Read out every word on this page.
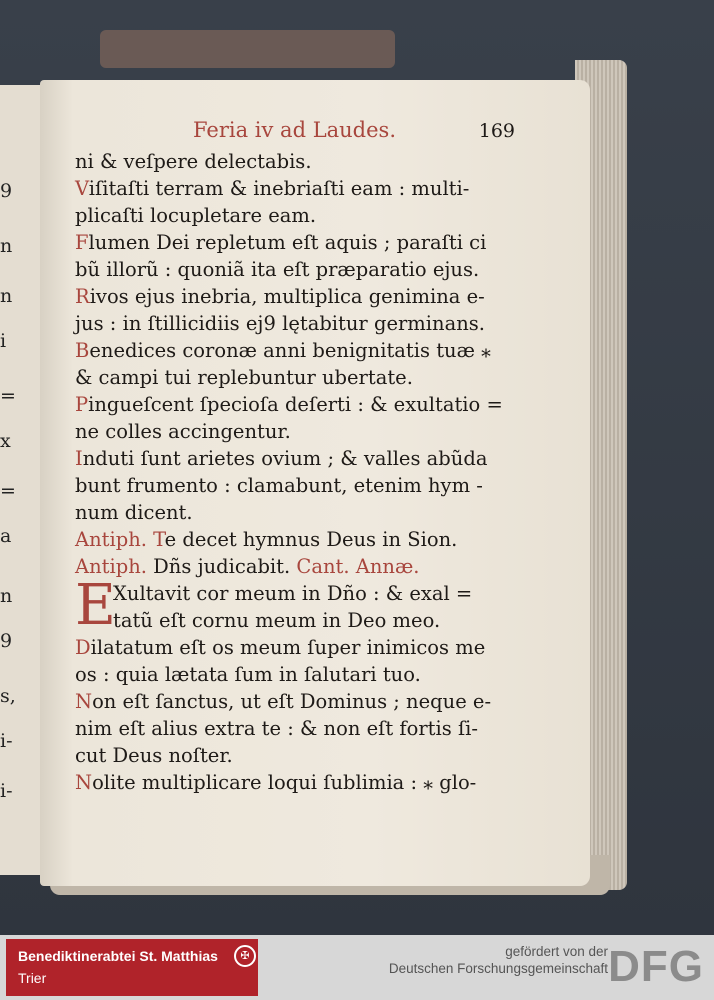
9
n
n
i
=
x
=
a
n
9
s,
i-
i-
Feria iv ad Laudes.	169
ni & veſpere delectabis.
Viſitaſti terram & inebriaſti eam : multi-
plicaſti locupletare eam.
Flumen Dei repletum eſt aquis ; paraſti ci
bũ illorũ : quoniã ita eſt præparatio ejus.
Rivos ejus inebria, multiplica genimina e-
jus : in ſtillicidiis ej9 lętabitur germinans.
Benedices coronæ anni benignitatis tuæ ⁎
& campi tui replebuntur ubertate.
Pingueſcent ſpecioſa deſerti : & exultatio =
ne colles accingentur.
Induti ſunt arietes ovium ; & valles abũda
bunt frumento : clamabunt, etenim hym -
num dicent.
Antiph. Te decet hymnus Deus in Sion.
Antiph. Dñs judicabit. Cant. Annæ.
E
Xultavit cor meum in Dño : & exal =
tatũ eſt cornu meum in Deo meo.
Dilatatum eſt os meum ſuper inimicos me
os : quia lætata ſum in ſalutari tuo.
Non eſt ſanctus, ut eſt Dominus ; neque e-
nim eſt alius extra te : & non eſt fortis ſi-
cut Deus noſter.
Nolite multiplicare loqui ſublimia : ⁎ glo-
Benediktinerabtei St. Matthias
Trier
✠	gefördert von der
Deutschen Forschungsgemeinschaft DFG
